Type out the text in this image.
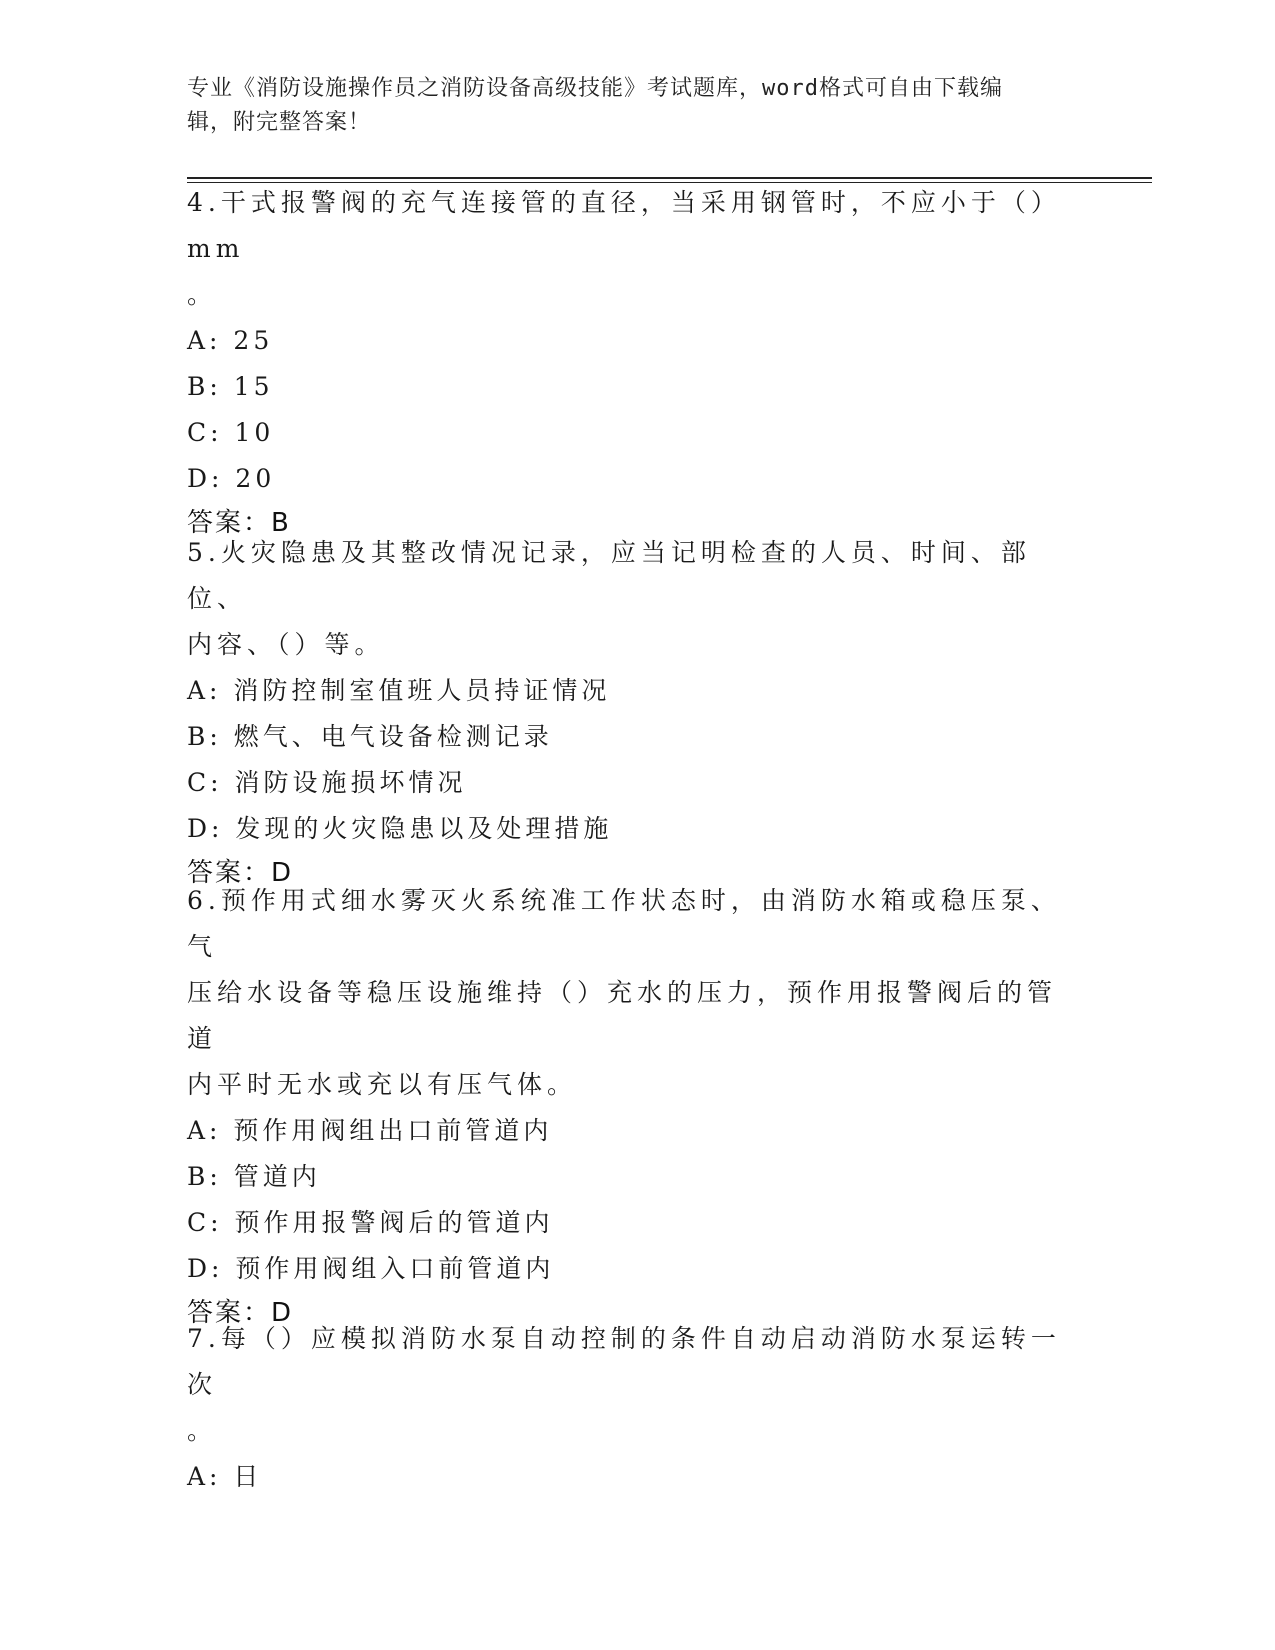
专业《消防设施操作员之消防设备高级技能》考试题库，word格式可自由下载编
辑，附完整答案！

4.干式报警阀的充气连接管的直径，当采用钢管时，不应小于（）mm

。

A: 25

B: 15

C: 10

D: 20

答案：B

5.火灾隐患及其整改情况记录，应当记明检查的人员、时间、部位、

内容、（）等。

A: 消防控制室值班人员持证情况

B: 燃气、电气设备检测记录

C: 消防设施损坏情况

D: 发现的火灾隐患以及处理措施

答案：D

6.预作用式细水雾灭火系统准工作状态时，由消防水箱或稳压泵、气

压给水设备等稳压设施维持（）充水的压力，预作用报警阀后的管道

内平时无水或充以有压气体。

A: 预作用阀组出口前管道内

B: 管道内

C: 预作用报警阀后的管道内

D: 预作用阀组入口前管道内

答案：D

7.每（）应模拟消防水泵自动控制的条件自动启动消防水泵运转一次

。

A: 日
